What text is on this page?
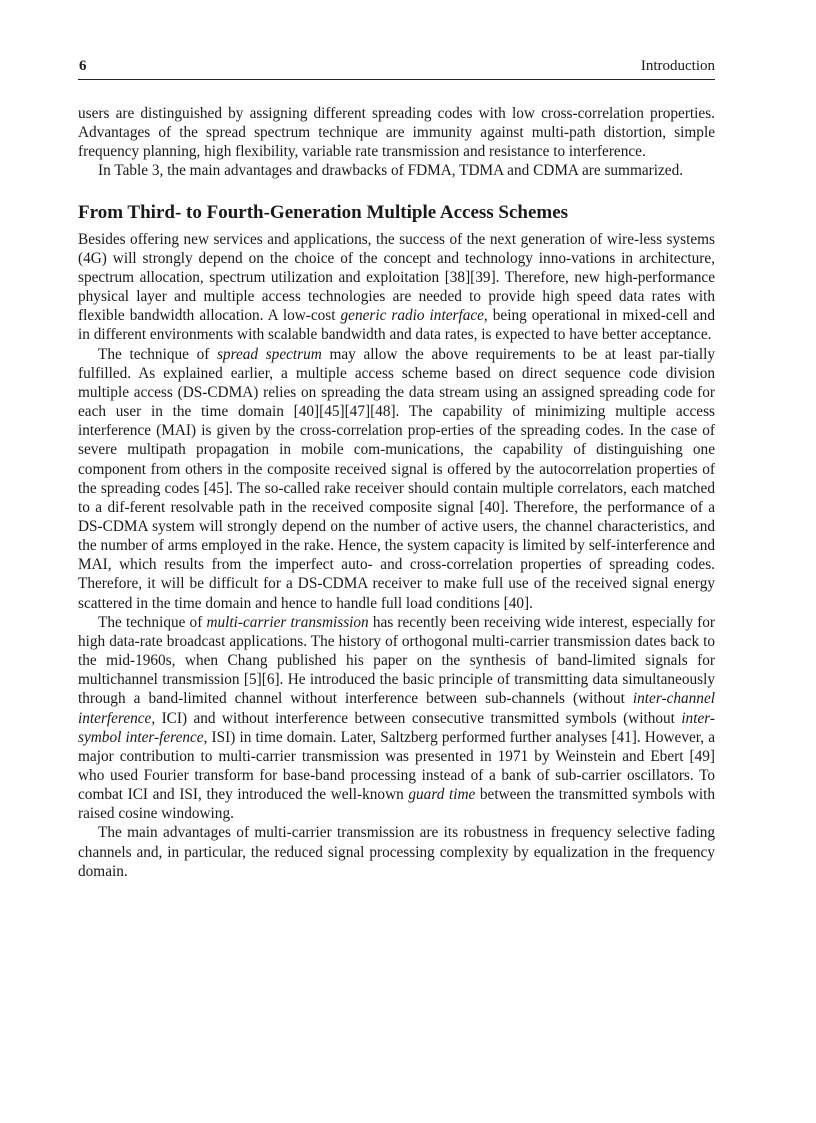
6	Introduction

users are distinguished by assigning different spreading codes with low cross-correlation properties. Advantages of the spread spectrum technique are immunity against multi-path distortion, simple frequency planning, high flexibility, variable rate transmission and resistance to interference.

In Table 3, the main advantages and drawbacks of FDMA, TDMA and CDMA are summarized.

From Third- to Fourth-Generation Multiple Access Schemes

Besides offering new services and applications, the success of the next generation of wire-less systems (4G) will strongly depend on the choice of the concept and technology inno-vations in architecture, spectrum allocation, spectrum utilization and exploitation [38][39]. Therefore, new high-performance physical layer and multiple access technologies are needed to provide high speed data rates with flexible bandwidth allocation. A low-cost generic radio interface, being operational in mixed-cell and in different environments with scalable bandwidth and data rates, is expected to have better acceptance.

The technique of spread spectrum may allow the above requirements to be at least par-tially fulfilled. As explained earlier, a multiple access scheme based on direct sequence code division multiple access (DS-CDMA) relies on spreading the data stream using an assigned spreading code for each user in the time domain [40][45][47][48]. The capability of minimizing multiple access interference (MAI) is given by the cross-correlation prop-erties of the spreading codes. In the case of severe multipath propagation in mobile com-munications, the capability of distinguishing one component from others in the composite received signal is offered by the autocorrelation properties of the spreading codes [45]. The so-called rake receiver should contain multiple correlators, each matched to a dif-ferent resolvable path in the received composite signal [40]. Therefore, the performance of a DS-CDMA system will strongly depend on the number of active users, the channel characteristics, and the number of arms employed in the rake. Hence, the system capacity is limited by self-interference and MAI, which results from the imperfect auto- and cross-correlation properties of spreading codes. Therefore, it will be difficult for a DS-CDMA receiver to make full use of the received signal energy scattered in the time domain and hence to handle full load conditions [40].

The technique of multi-carrier transmission has recently been receiving wide interest, especially for high data-rate broadcast applications. The history of orthogonal multi-carrier transmission dates back to the mid-1960s, when Chang published his paper on the synthesis of band-limited signals for multichannel transmission [5][6]. He introduced the basic principle of transmitting data simultaneously through a band-limited channel without interference between sub-channels (without inter-channel interference, ICI) and without interference between consecutive transmitted symbols (without inter-symbol inter-ference, ISI) in time domain. Later, Saltzberg performed further analyses [41]. However, a major contribution to multi-carrier transmission was presented in 1971 by Weinstein and Ebert [49] who used Fourier transform for base-band processing instead of a bank of sub-carrier oscillators. To combat ICI and ISI, they introduced the well-known guard time between the transmitted symbols with raised cosine windowing.

The main advantages of multi-carrier transmission are its robustness in frequency selective fading channels and, in particular, the reduced signal processing complexity by equalization in the frequency domain.
